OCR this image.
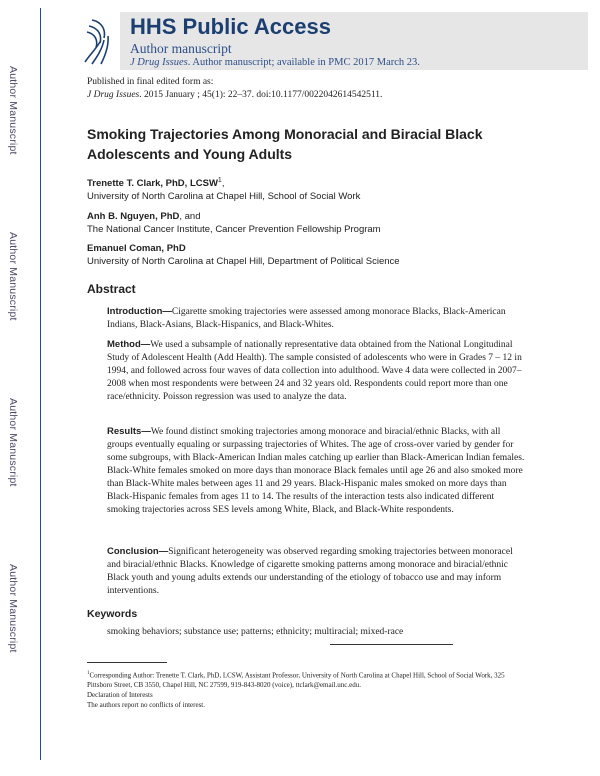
Author Manuscript
Author Manuscript
Author Manuscript
Author Manuscript
HHS Public Access
Author manuscript
J Drug Issues. Author manuscript; available in PMC 2017 March 23.
Published in final edited form as:
J Drug Issues. 2015 January ; 45(1): 22–37. doi:10.1177/0022042614542511.
Smoking Trajectories Among Monoracial and Biracial Black Adolescents and Young Adults
Trenette T. Clark, PhD, LCSW$^1$,
University of North Carolina at Chapel Hill, School of Social Work
Anh B. Nguyen, PhD, and
The National Cancer Institute, Cancer Prevention Fellowship Program
Emanuel Coman, PhD
University of North Carolina at Chapel Hill, Department of Political Science
Abstract

Introduction—Cigarette smoking trajectories were assessed among monorace Blacks, Black-American Indians, Black-Asians, Black-Hispanics, and Black-Whites.

Method—We used a subsample of nationally representative data obtained from the National Longitudinal Study of Adolescent Health (Add Health). The sample consisted of adolescents who were in Grades 7 – 12 in 1994, and followed across four waves of data collection into adulthood. Wave 4 data were collected in 2007–2008 when most respondents were between 24 and 32 years old. Respondents could report more than one race/ethnicity. Poisson regression was used to analyze the data.

Results—We found distinct smoking trajectories among monorace and biracial/ethnic Blacks, with all groups eventually equaling or surpassing trajectories of Whites. The age of cross-over varied by gender for some subgroups, with Black-American Indian males catching up earlier than Black-American Indian females. Black-White females smoked on more days than monorace Black females until age 26 and also smoked more than Black-White males between ages 11 and 29 years. Black-Hispanic males smoked on more days than Black-Hispanic females from ages 11 to 14. The results of the interaction tests also indicated different smoking trajectories across SES levels among White, Black, and Black-White respondents.

Conclusion—Significant heterogeneity was observed regarding smoking trajectories between monoracel and biracial/ethnic Blacks. Knowledge of cigarette smoking patterns among monorace and biracial/ethnic Black youth and young adults extends our understanding of the etiology of tobacco use and may inform interventions.

Keywords
smoking behaviors; substance use; patterns; ethnicity; multiracial; mixed-race
$^1$Corresponding Author: Trenette T. Clark, PhD, LCSW, Assistant Professor, University of North Carolina at Chapel Hill, School of Social Work, 325 Pittsboro Street, CB 3550, Chapel Hill, NC 27599, 919-843-8020 (voice), ttclark@email.unc.edu.
Declaration of Interests
The authors report no conflicts of interest.
